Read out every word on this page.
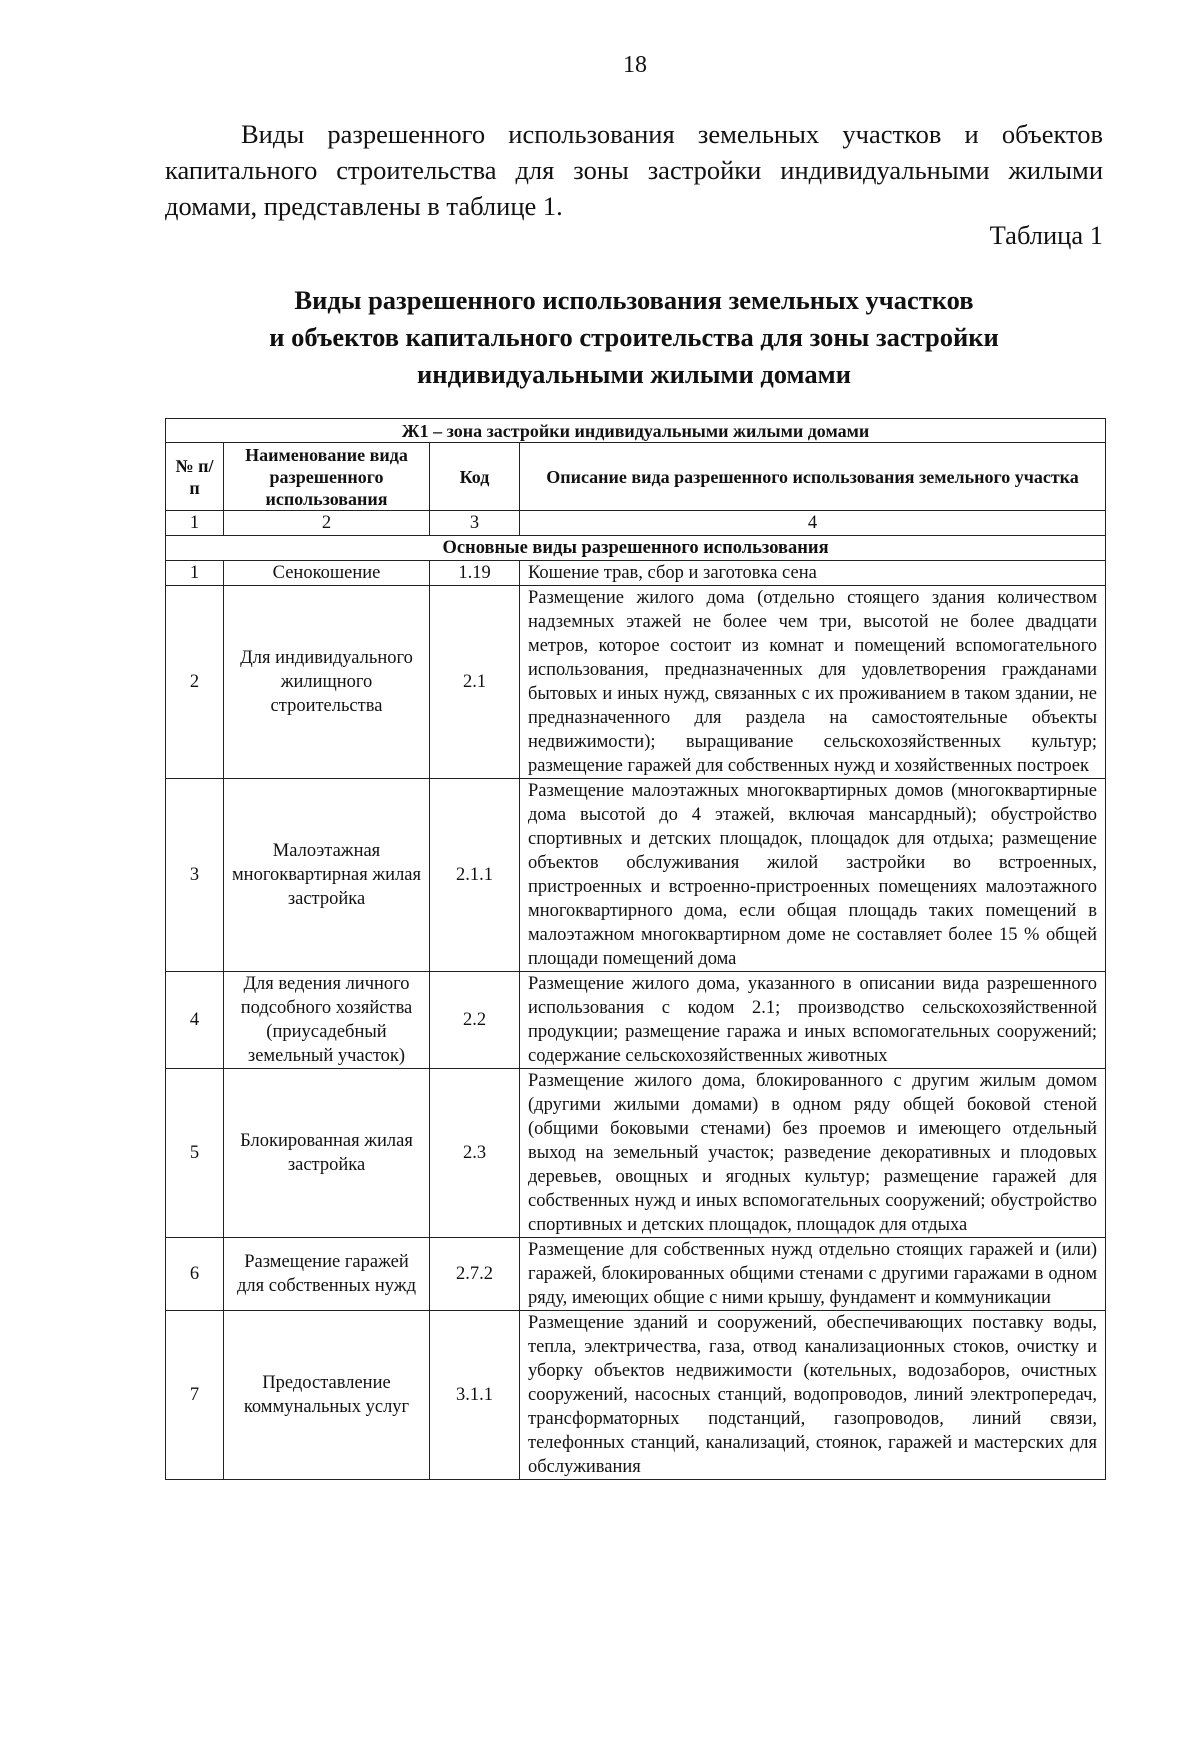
18

Виды разрешенного использования земельных участков и объектов капитального строительства для зоны застройки индивидуальными жилыми домами, представлены в таблице 1.

Таблица 1
Виды разрешенного использования земельных участков
и объектов капитального строительства для зоны застройки
индивидуальными жилыми домами
Ж1 – зона застройки индивидуальными жилыми домами			
№ п/п	Наименование вида разрешенного использования	Код	Описание вида разрешенного использования земельного участка
1	2	3	4
Основные виды разрешенного использования			
1	Сенокошение	1.19	Кошение трав, сбор и заготовка сена
2	Для индивидуального жилищного строительства	2.1	Размещение жилого дома (отдельно стоящего здания количеством надземных этажей не более чем три, высотой не более двадцати метров, которое состоит из комнат и помещений вспомогательного использования, предназначенных для удовлетворения гражданами бытовых и иных нужд, связанных с их проживанием в таком здании, не предназначенного для раздела на самостоятельные объекты недвижимости); выращивание сельскохозяйственных культур; размещение гаражей для собственных нужд и хозяйственных построек
3	Малоэтажная многоквартирная жилая застройка	2.1.1	Размещение малоэтажных многоквартирных домов (многоквартирные дома высотой до 4 этажей, включая мансардный); обустройство спортивных и детских площадок, площадок для отдыха; размещение объектов обслуживания жилой застройки во встроенных, пристроенных и встроенно-пристроенных помещениях малоэтажного многоквартирного дома, если общая площадь таких помещений в малоэтажном многоквартирном доме не составляет более 15 % общей площади помещений дома
4	Для ведения личного подсобного хозяйства (приусадебный земельный участок)	2.2	Размещение жилого дома, указанного в описании вида разрешенного использования с кодом 2.1; производство сельскохозяйственной продукции; размещение гаража и иных вспомогательных сооружений; содержание сельскохозяйственных животных
5	Блокированная жилая застройка	2.3	Размещение жилого дома, блокированного с другим жилым домом (другими жилыми домами) в одном ряду общей боковой стеной (общими боковыми стенами) без проемов и имеющего отдельный выход на земельный участок; разведение декоративных и плодовых деревьев, овощных и ягодных культур; размещение гаражей для собственных нужд и иных вспомогательных сооружений; обустройство спортивных и детских площадок, площадок для отдыха
6	Размещение гаражей для собственных нужд	2.7.2	Размещение для собственных нужд отдельно стоящих гаражей и (или) гаражей, блокированных общими стенами с другими гаражами в одном ряду, имеющих общие с ними крышу, фундамент и коммуникации
7	Предоставление коммунальных услуг	3.1.1	Размещение зданий и сооружений, обеспечивающих поставку воды, тепла, электричества, газа, отвод канализационных стоков, очистку и уборку объектов недвижимости (котельных, водозаборов, очистных сооружений, насосных станций, водопроводов, линий электропередач, трансформаторных подстанций, газопроводов, линий связи, телефонных станций, канализаций, стоянок, гаражей и мастерских для обслуживания
